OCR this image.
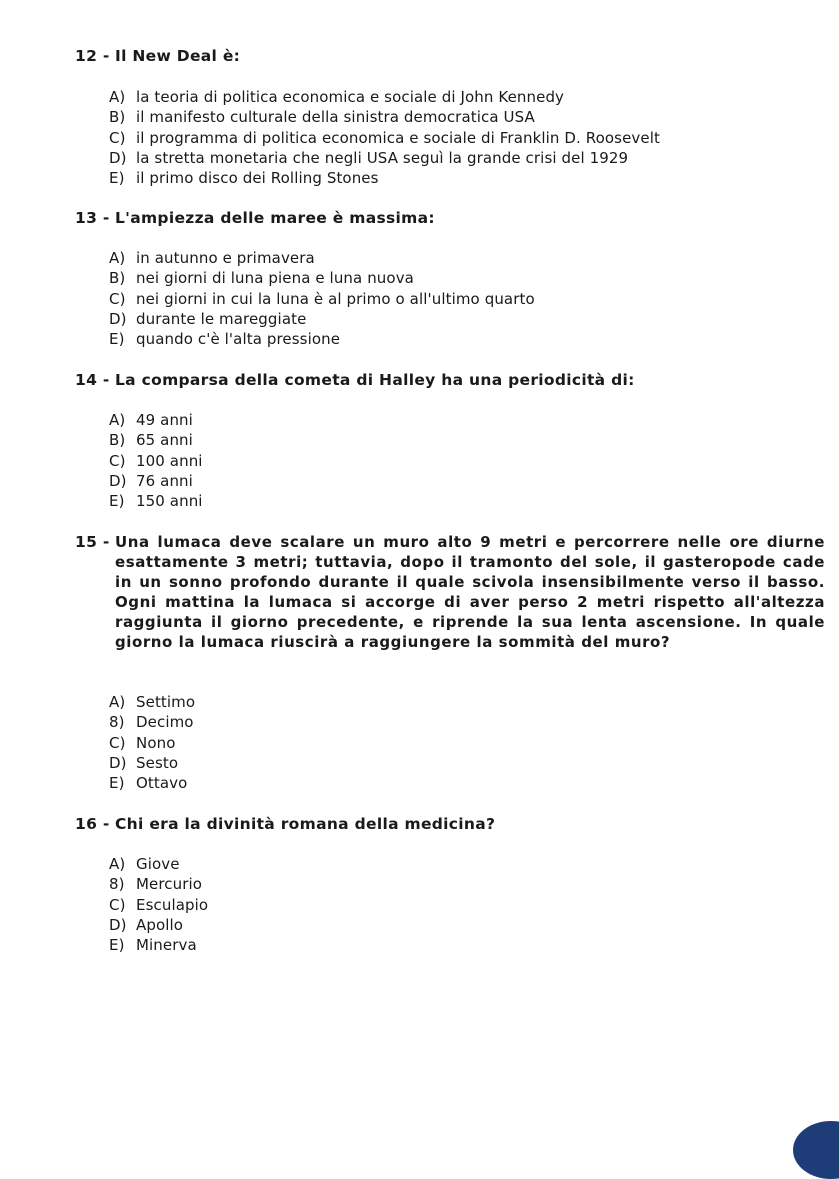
12 - Il New Deal è:
A) la teoria di politica economica e sociale di John Kennedy
B) il manifesto culturale della sinistra democratica USA
C) il programma di politica economica e sociale di Franklin D. Roosevelt
D) la stretta monetaria che negli USA seguì la grande crisi del 1929
E) il primo disco dei Rolling Stones
13 - L'ampiezza delle maree è massima:
A) in autunno e primavera
B) nei giorni di luna piena e luna nuova
C) nei giorni in cui la luna è al primo o all'ultimo quarto
D) durante le mareggiate
E) quando c'è l'alta pressione
14 - La comparsa della cometa di Halley ha una periodicità di:
A) 49 anni
B) 65 anni
C) 100 anni
D) 76 anni
E) 150 anni
15 - Una lumaca deve scalare un muro alto 9 metri e percorrere nelle ore diurne esattamente 3 metri; tuttavia, dopo il tramonto del sole, il gasteropode cade in un sonno profondo durante il quale scivola insensibilmente verso il basso. Ogni mattina la lumaca si accorge di aver perso 2 metri rispetto all'altezza raggiunta il giorno precedente, e riprende la sua lenta ascensione. In quale giorno la lumaca riuscirà a raggiungere la sommità del muro?
A) Settimo
8) Decimo
C) Nono
D) Sesto
E) Ottavo
16 - Chi era la divinità romana della medicina?
A) Giove
8) Mercurio
C) Esculapio
D) Apollo
E) Minerva
